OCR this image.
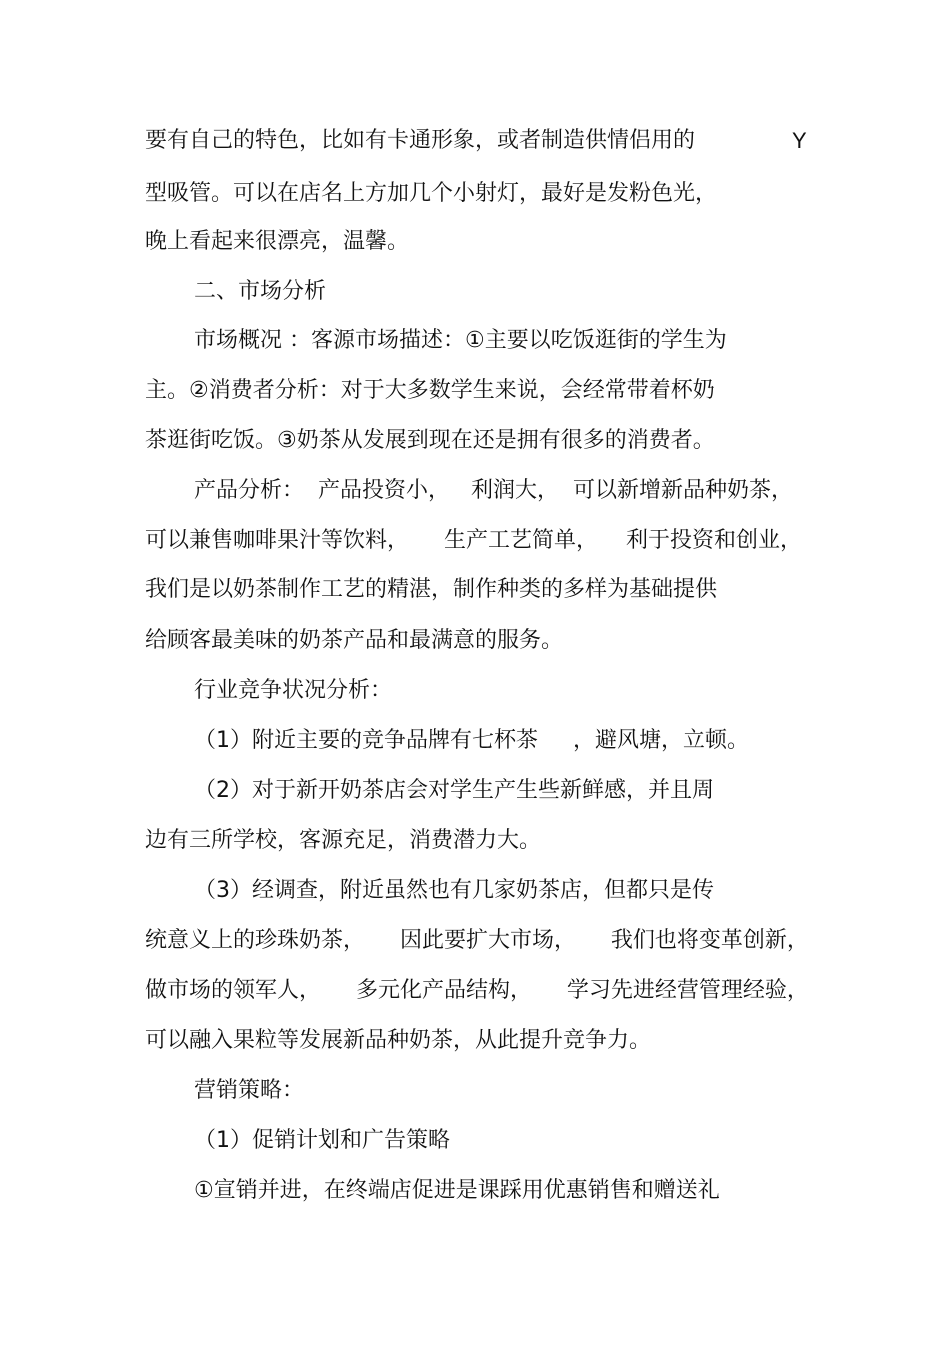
要有自己的特色，比如有卡通形象，或者制造供情侣用的	Y
型吸管。可以在店名上方加几个小射灯，最好是发粉色光，
晚上看起来很漂亮，温馨。
二、市场分析
市场概况 ：客源市场描述：①主要以吃饭逛街的学生为
主。②消费者分析：对于大多数学生来说，会经常带着杯奶
茶逛街吃饭。③奶茶从发展到现在还是拥有很多的消费者。
产品分析：  产品投资小，   利润大，  可以新增新品种奶茶，
可以兼售咖啡果汁等饮料，     生产工艺简单，    利于投资和创业，
我们是以奶茶制作工艺的精湛，制作种类的多样为基础提供
给顾客最美味的奶茶产品和最满意的服务。
行业竞争状况分析：
（1）附近主要的竞争品牌有七杯茶     ，避风塘，立顿。
（2）对于新开奶茶店会对学生产生些新鲜感，并且周
边有三所学校，客源充足，消费潜力大。
（3）经调查，附近虽然也有几家奶茶店，但都只是传
统意义上的珍珠奶茶，     因此要扩大市场，     我们也将变革创新，
做市场的领军人，     多元化产品结构，     学习先进经营管理经验，
可以融入果粒等发展新品种奶茶，从此提升竞争力。
营销策略：
（1）促销计划和广告策略
①宣销并进，在终端店促进是课踩用优惠销售和赠送礼
